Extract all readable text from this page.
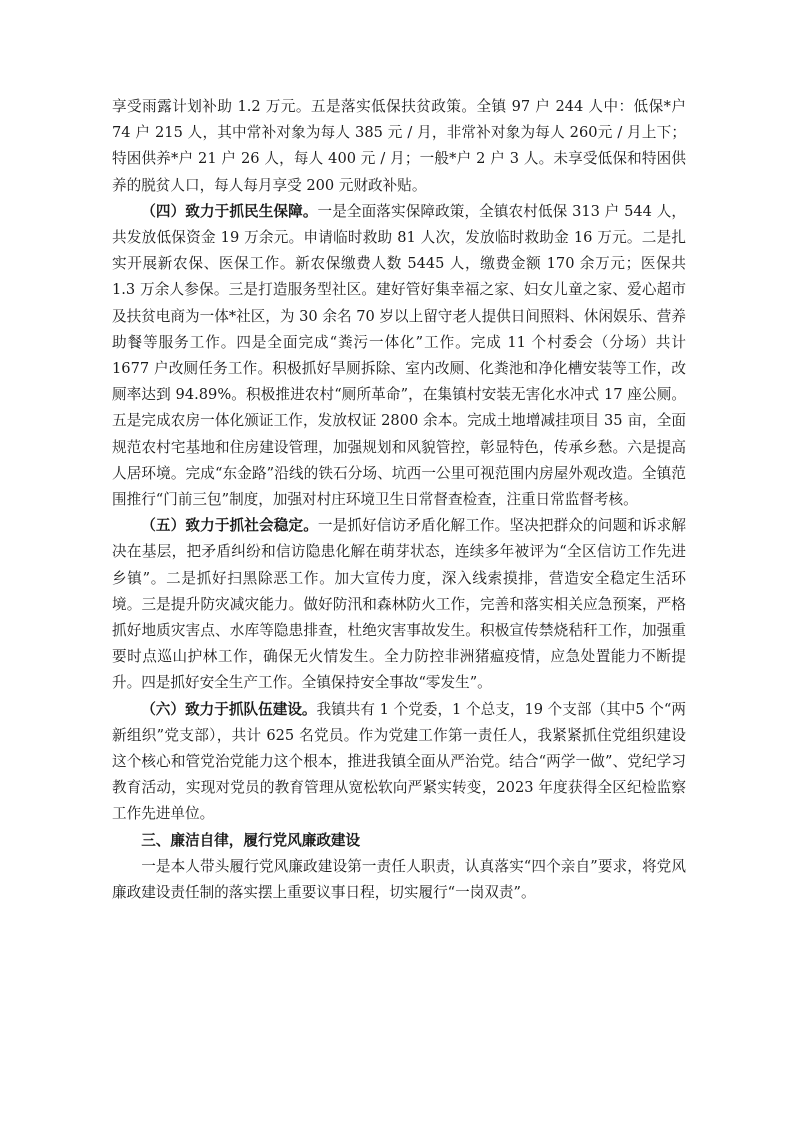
享受雨露计划补助 1.2 万元。五是落实低保扶贫政策。全镇 97 户 244 人中：低保*户 74 户 215 人，其中常补对象为每人 385 元 / 月，非常补对象为每人 260元 / 月上下；特困供养*户 21 户 26 人，每人 400 元 / 月；一般*户 2 户 3 人。未享受低保和特困供养的脱贫人口，每人每月享受 200 元财政补贴。

（四）致力于抓民生保障。一是全面落实保障政策，全镇农村低保 313 户 544 人，共发放低保资金 19 万余元。申请临时救助 81 人次，发放临时救助金 16 万元。二是扎实开展新农保、医保工作。新农保缴费人数 5445 人，缴费金额 170 余万元；医保共 1.3 万余人参保。三是打造服务型社区。建好管好集幸福之家、妇女儿童之家、爱心超市及扶贫电商为一体*社区，为 30 余名 70 岁以上留守老人提供日间照料、休闲娱乐、营养助餐等服务工作。四是全面完成“粪污一体化”工作。完成 11 个村委会（分场）共计 1677 户改厕任务工作。积极抓好旱厕拆除、室内改厕、化粪池和净化槽安装等工作，改厕率达到 94.89%。积极推进农村“厕所革命”，在集镇村安装无害化水冲式 17 座公厕。五是完成农房一体化颁证工作，发放权证 2800 余本。完成土地增减挂项目 35 亩，全面规范农村宅基地和住房建设管理，加强规划和风貌管控，彰显特色，传承乡愁。六是提高人居环境。完成“东金路”沿线的铁石分场、坑西一公里可视范围内房屋外观改造。全镇范围推行“门前三包”制度，加强对村庄环境卫生日常督查检查，注重日常监督考核。

（五）致力于抓社会稳定。一是抓好信访矛盾化解工作。坚决把群众的问题和诉求解决在基层，把矛盾纠纷和信访隐患化解在萌芽状态，连续多年被评为“全区信访工作先进乡镇”。二是抓好扫黑除恶工作。加大宣传力度，深入线索摸排，营造安全稳定生活环境。三是提升防灾减灾能力。做好防汛和森林防火工作，完善和落实相关应急预案，严格抓好地质灾害点、水库等隐患排查，杜绝灾害事故发生。积极宣传禁烧秸秆工作，加强重要时点巡山护林工作，确保无火情发生。全力防控非洲猪瘟疫情，应急处置能力不断提升。四是抓好安全生产工作。全镇保持安全事故“零发生”。

（六）致力于抓队伍建设。我镇共有 1 个党委，1 个总支，19 个支部（其中5 个“两新组织”党支部），共计 625 名党员。作为党建工作第一责任人，我紧紧抓住党组织建设这个核心和管党治党能力这个根本，推进我镇全面从严治党。结合“两学一做”、党纪学习教育活动，实现对党员的教育管理从宽松软向严紧实转变，2023 年度获得全区纪检监察工作先进单位。

三、廉洁自律，履行党风廉政建设

一是本人带头履行党风廉政建设第一责任人职责，认真落实“四个亲自”要求，将党风廉政建设责任制的落实摆上重要议事日程，切实履行“一岗双责”。
